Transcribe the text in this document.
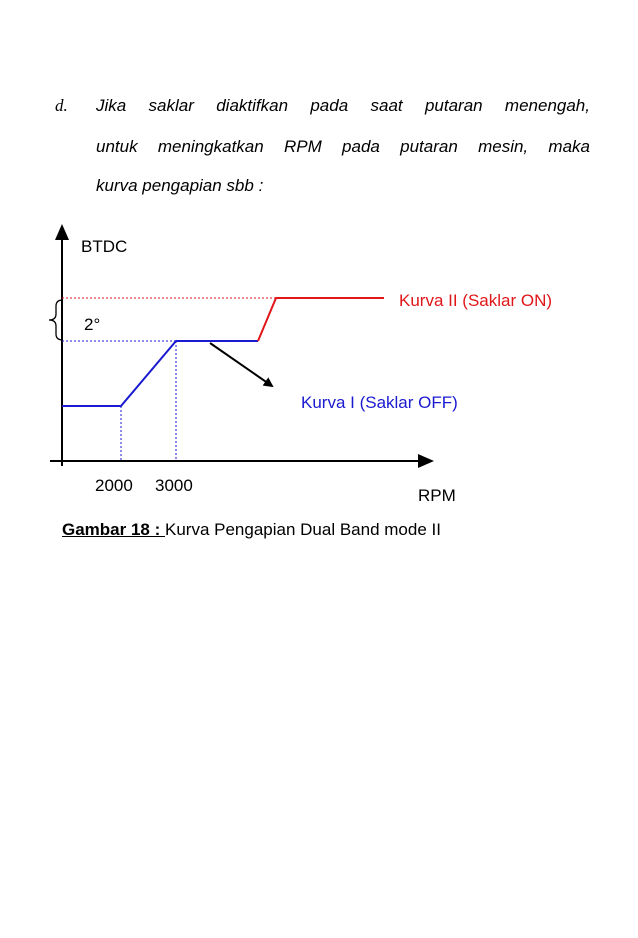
d. Jika saklar diaktifkan pada saat putaran menengah,
untuk meningkatkan RPM pada putaran mesin, maka
kurva pengapian sbb :
BTDC
RPM
2000 3000
2°
Kurva II (Saklar ON)
Kurva I (Saklar OFF)
Gambar 18 : Kurva Pengapian Dual Band mode II
